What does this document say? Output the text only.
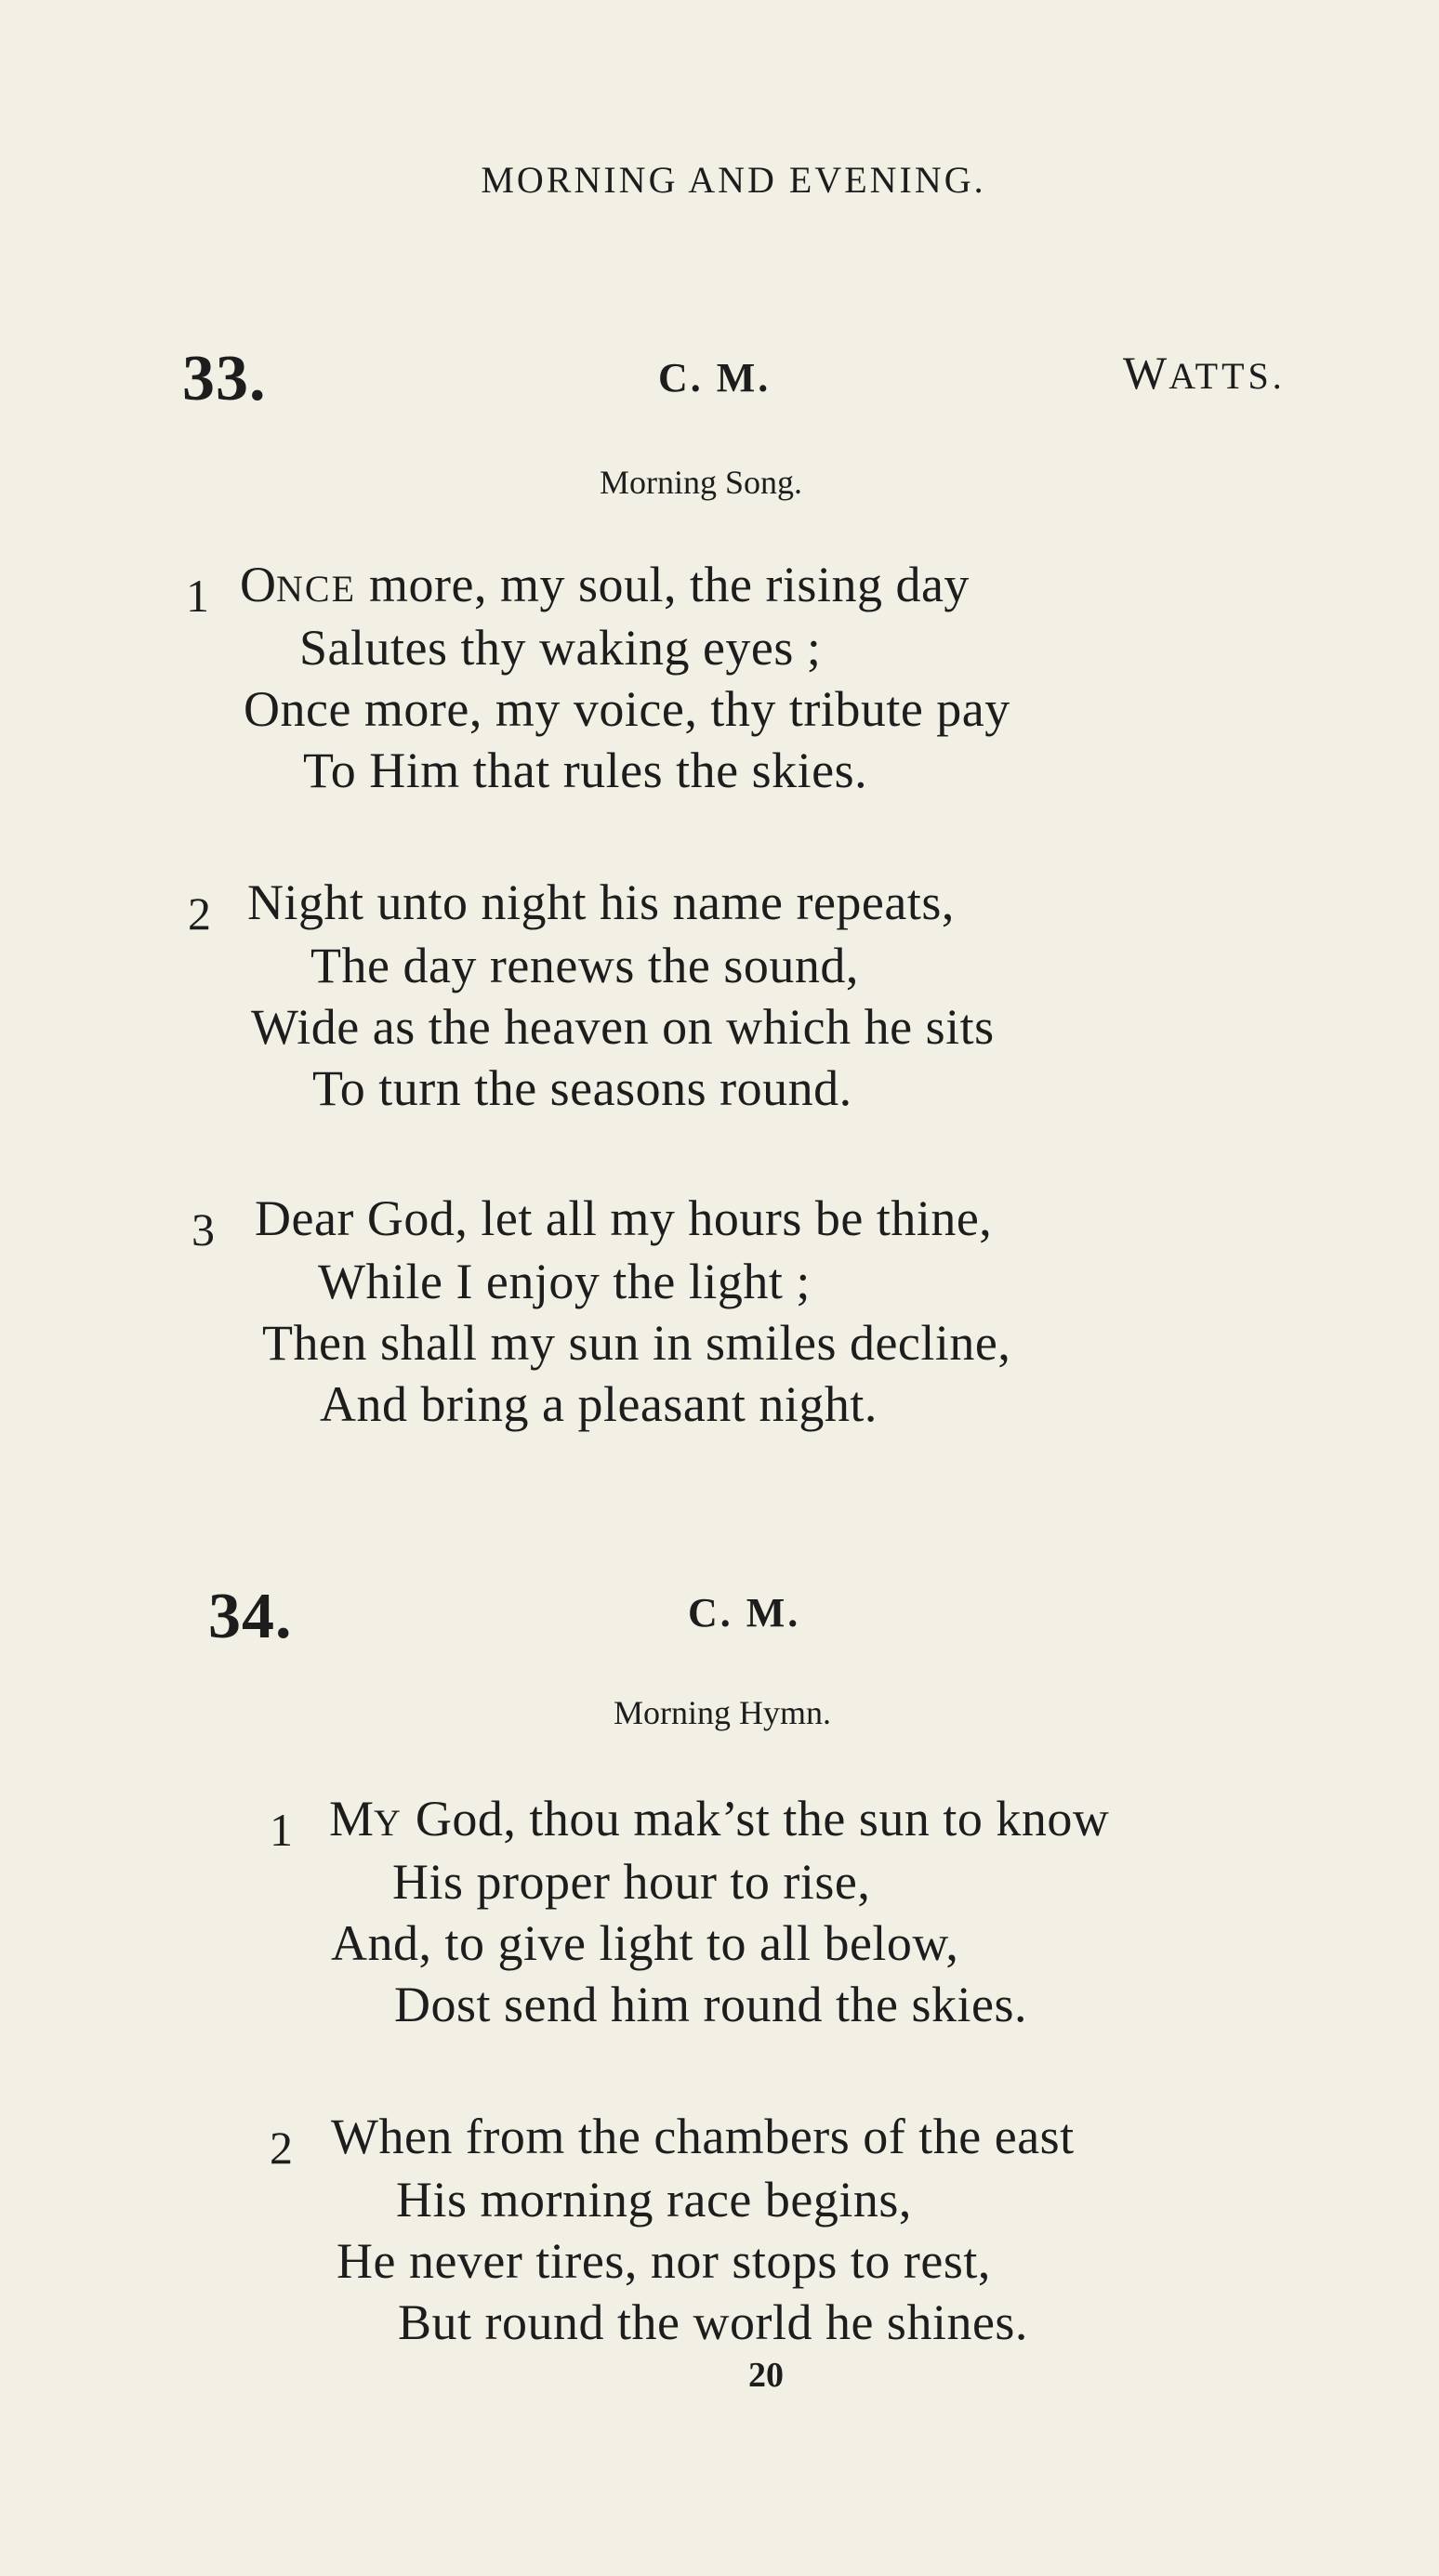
MORNING AND EVENING.
33.	C. M.	WATTS.
Morning Song.
1 ONCE more, my soul, the rising day
Salutes thy waking eyes ;
Once more, my voice, thy tribute pay
To Him that rules the skies.
2 Night unto night his name repeats,
The day renews the sound,
Wide as the heaven on which he sits
To turn the seasons round.
3 Dear God, let all my hours be thine,
While I enjoy the light ;
Then shall my sun in smiles decline,
And bring a pleasant night.
34.	C. M.
Morning Hymn.
1 MY God, thou mak’st the sun to know
His proper hour to rise,
And, to give light to all below,
Dost send him round the skies.
2 When from the chambers of the east
His morning race begins,
He never tires, nor stops to rest,
But round the world he shines.
20
